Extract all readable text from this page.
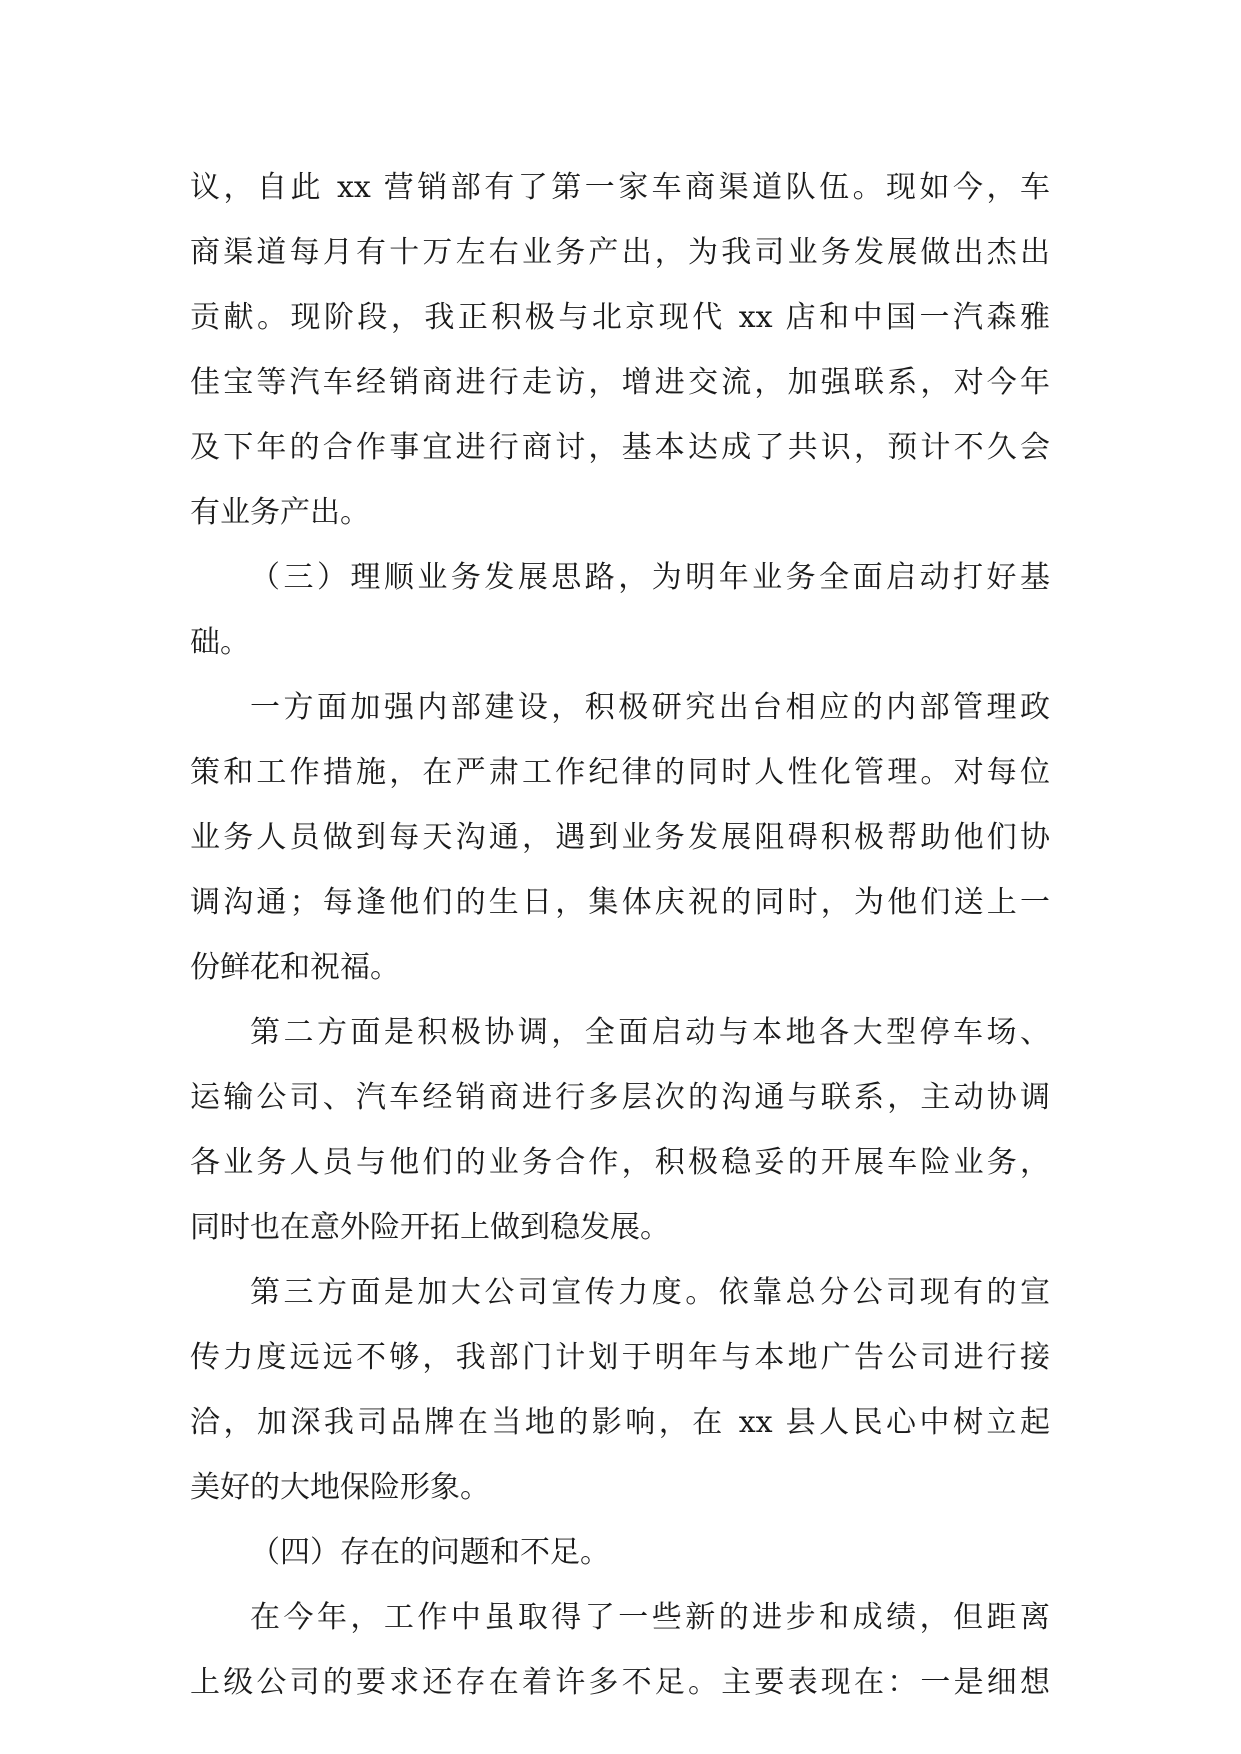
议，自此 xx 营销部有了第一家车商渠道队伍。现如今，车
商渠道每月有十万左右业务产出，为我司业务发展做出杰出
贡献。现阶段，我正积极与北京现代 xx 店和中国一汽森雅
佳宝等汽车经销商进行走访，增进交流，加强联系，对今年
及下年的合作事宜进行商讨，基本达成了共识，预计不久会
有业务产出。
（三）理顺业务发展思路，为明年业务全面启动打好基
础。
一方面加强内部建设，积极研究出台相应的内部管理政
策和工作措施，在严肃工作纪律的同时人性化管理。对每位
业务人员做到每天沟通，遇到业务发展阻碍积极帮助他们协
调沟通；每逢他们的生日，集体庆祝的同时，为他们送上一
份鲜花和祝福。
第二方面是积极协调，全面启动与本地各大型停车场、
运输公司、汽车经销商进行多层次的沟通与联系，主动协调
各业务人员与他们的业务合作，积极稳妥的开展车险业务，
同时也在意外险开拓上做到稳发展。
第三方面是加大公司宣传力度。依靠总分公司现有的宣
传力度远远不够，我部门计划于明年与本地广告公司进行接
洽，加深我司品牌在当地的影响，在 xx 县人民心中树立起
美好的大地保险形象。
（四）存在的问题和不足。
在今年，工作中虽取得了一些新的进步和成绩，但距离
上级公司的要求还存在着许多不足。主要表现在：一是细想
